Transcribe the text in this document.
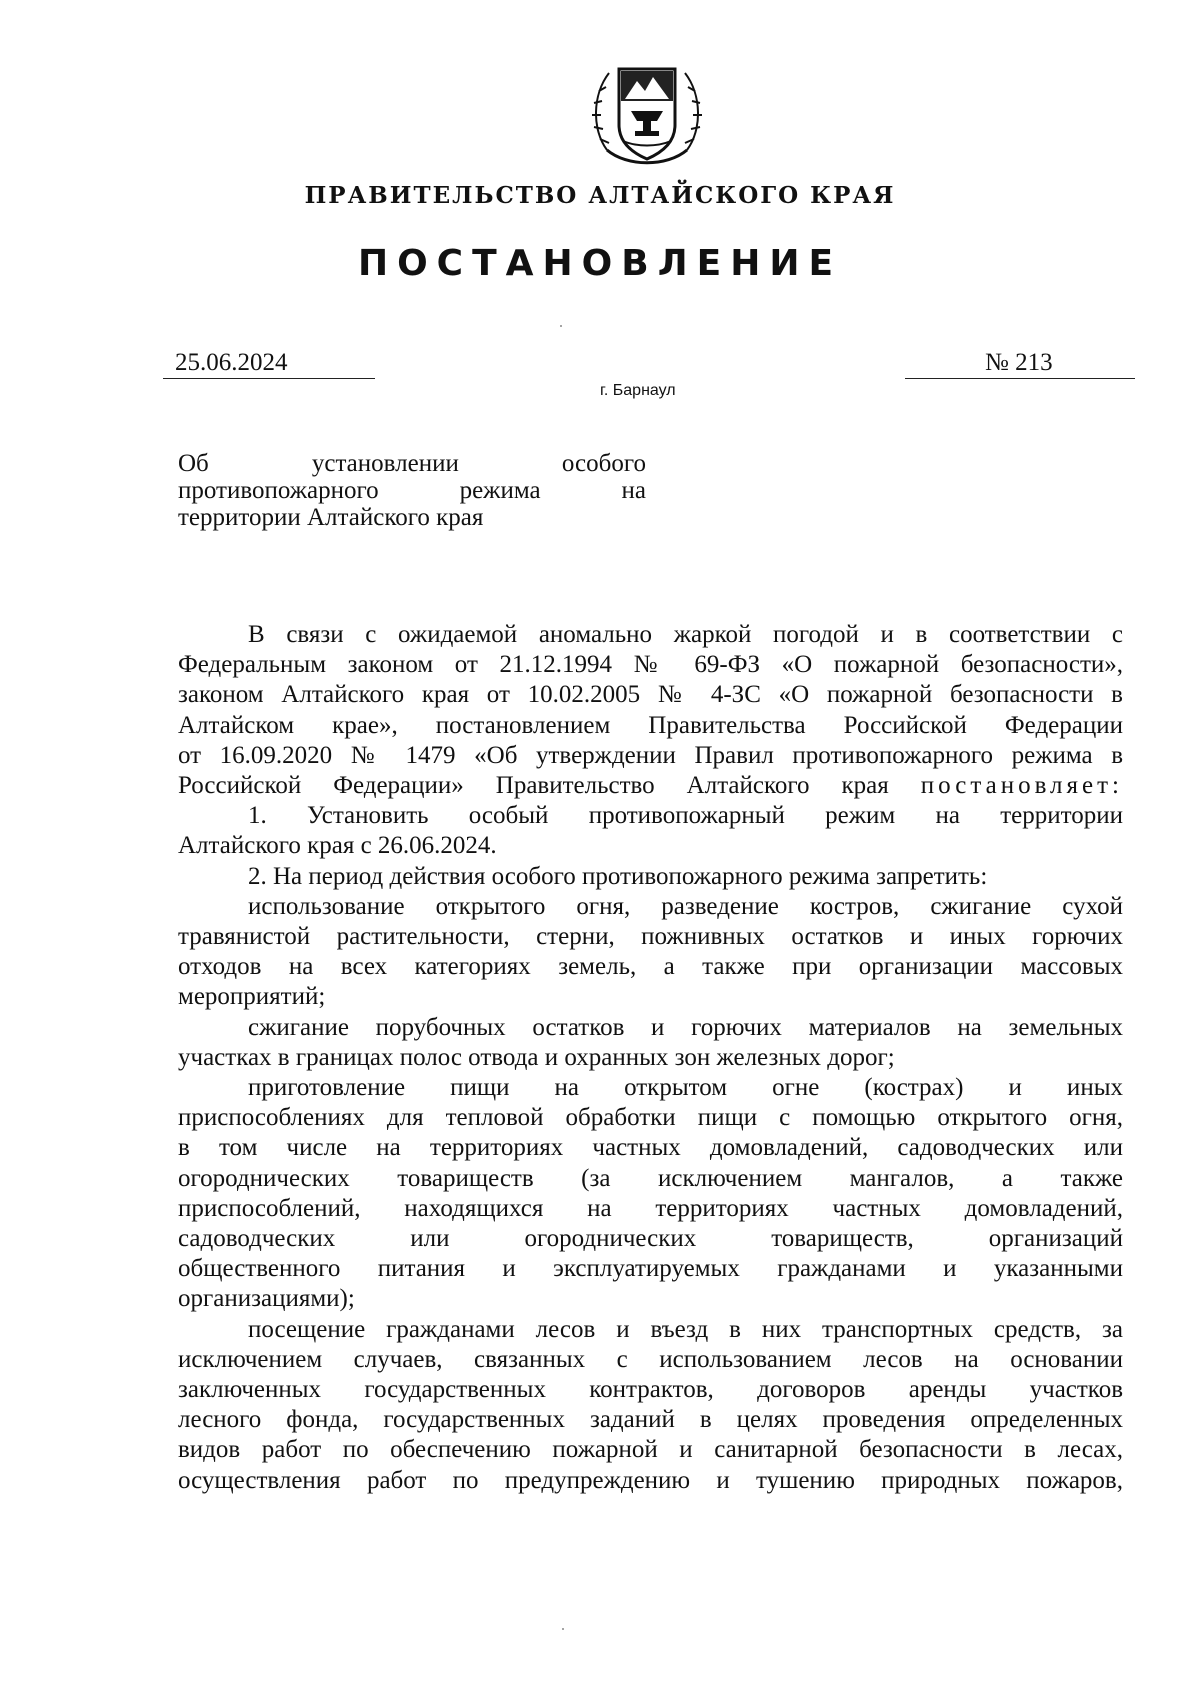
ПРАВИТЕЛЬСТВО АЛТАЙСКОГО КРАЯ
ПОСТАНОВЛЕНИЕ
25.06.2024	№ 213
г. Барнаул
Об установлении особого
противопожарного режима на
территории Алтайского края
В связи с ожидаемой аномально жаркой погодой и в соответствии с
Федеральным законом от 21.12.1994 № 69-ФЗ «О пожарной безопасности»,
законом Алтайского края от 10.02.2005 № 4-ЗС «О пожарной безопасности в
Алтайском крае», постановлением Правительства Российской Федерации
от 16.09.2020 № 1479 «Об утверждении Правил противопожарного режима в
Российской Федерации» Правительство Алтайского края постановляет:
1. Установить особый противопожарный режим на территории
Алтайского края с 26.06.2024.
2. На период действия особого противопожарного режима запретить:
использование открытого огня, разведение костров, сжигание сухой
травянистой растительности, стерни, пожнивных остатков и иных горючих
отходов на всех категориях земель, а также при организации массовых
мероприятий;
сжигание порубочных остатков и горючих материалов на земельных
участках в границах полос отвода и охранных зон железных дорог;
приготовление пищи на открытом огне (кострах) и иных
приспособлениях для тепловой обработки пищи с помощью открытого огня,
в том числе на территориях частных домовладений, садоводческих или
огороднических товариществ (за исключением мангалов, а также
приспособлений, находящихся на территориях частных домовладений,
садоводческих или огороднических товариществ, организаций
общественного питания и эксплуатируемых гражданами и указанными
организациями);
посещение гражданами лесов и въезд в них транспортных средств, за
исключением случаев, связанных с использованием лесов на основании
заключенных государственных контрактов, договоров аренды участков
лесного фонда, государственных заданий в целях проведения определенных
видов работ по обеспечению пожарной и санитарной безопасности в лесах,
осуществления работ по предупреждению и тушению природных пожаров,
